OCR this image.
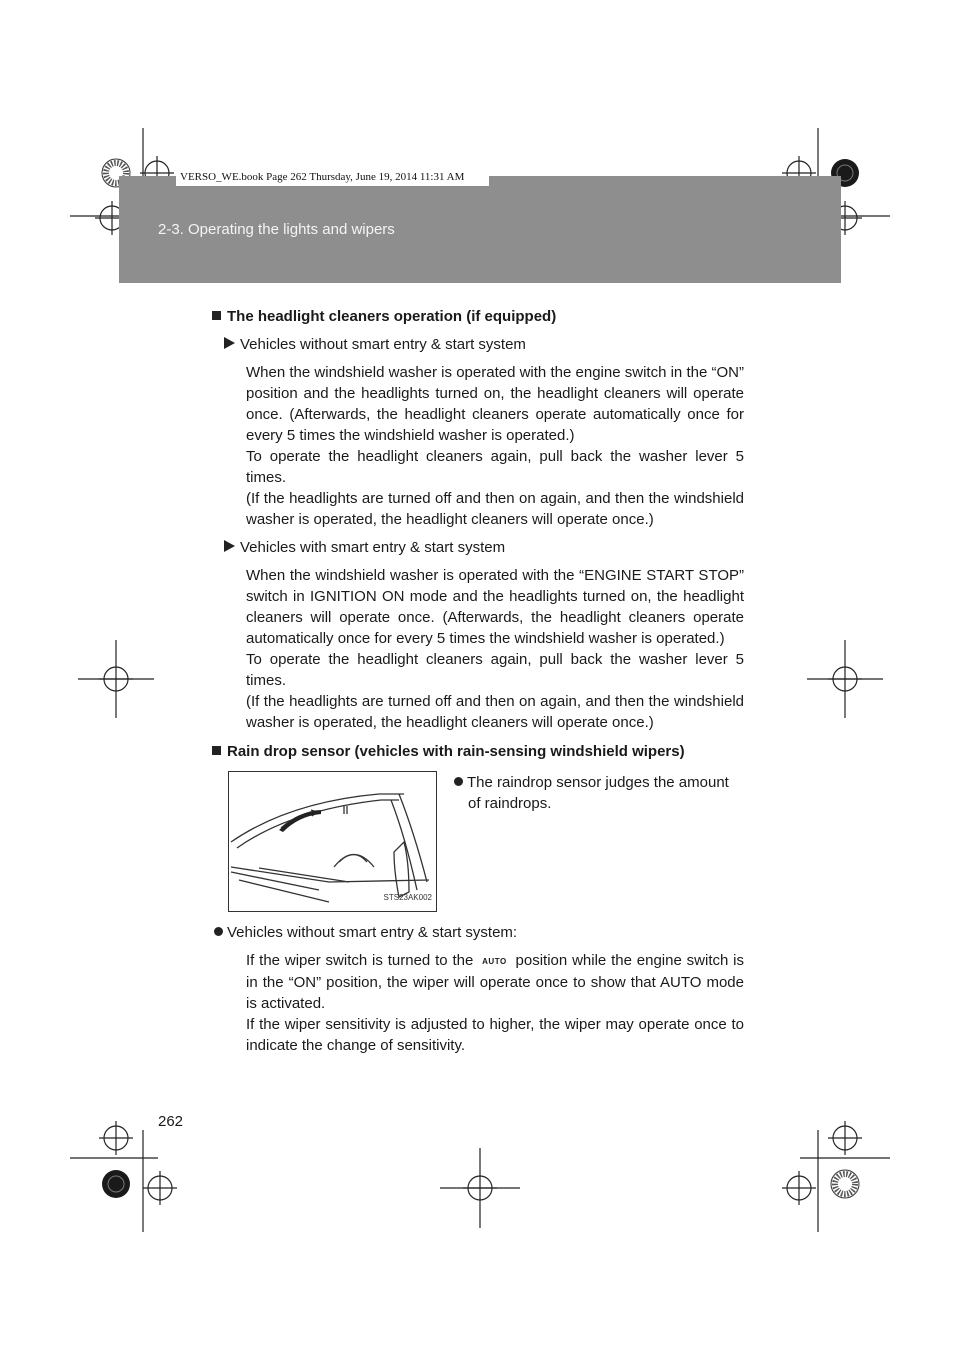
VERSO_WE.book Page 262 Thursday, June 19, 2014 11:31 AM
2-3. Operating the lights and wipers
The headlight cleaners operation (if equipped)
Vehicles without smart entry & start system

When the windshield washer is operated with the engine switch in the “ON” position and the headlights turned on, the headlight cleaners will operate once. (Afterwards, the headlight cleaners operate automatically once for every 5 times the windshield washer is operated.)

To operate the headlight cleaners again, pull back the washer lever 5 times.

(If the headlights are turned off and then on again, and then the windshield washer is operated, the headlight cleaners will operate once.)

Vehicles with smart entry & start system

When the windshield washer is operated with the “ENGINE START STOP” switch in IGNITION ON mode and the headlights turned on, the headlight cleaners will operate once. (Afterwards, the headlight cleaners operate automatically once for every 5 times the windshield washer is operated.)

To operate the headlight cleaners again, pull back the washer lever 5 times.

(If the headlights are turned off and then on again, and then the windshield washer is operated, the headlight cleaners will operate once.)

Rain drop sensor (vehicles with rain-sensing windshield wipers)
STS23AK002
The raindrop sensor judges the amount
of raindrops.
Vehicles without smart entry & start system:

If the wiper switch is turned to the AUTO position while the engine switch is in the “ON” position, the wiper will operate once to show that AUTO mode is activated.

If the wiper sensitivity is adjusted to higher, the wiper may operate once to indicate the change of sensitivity.

262
